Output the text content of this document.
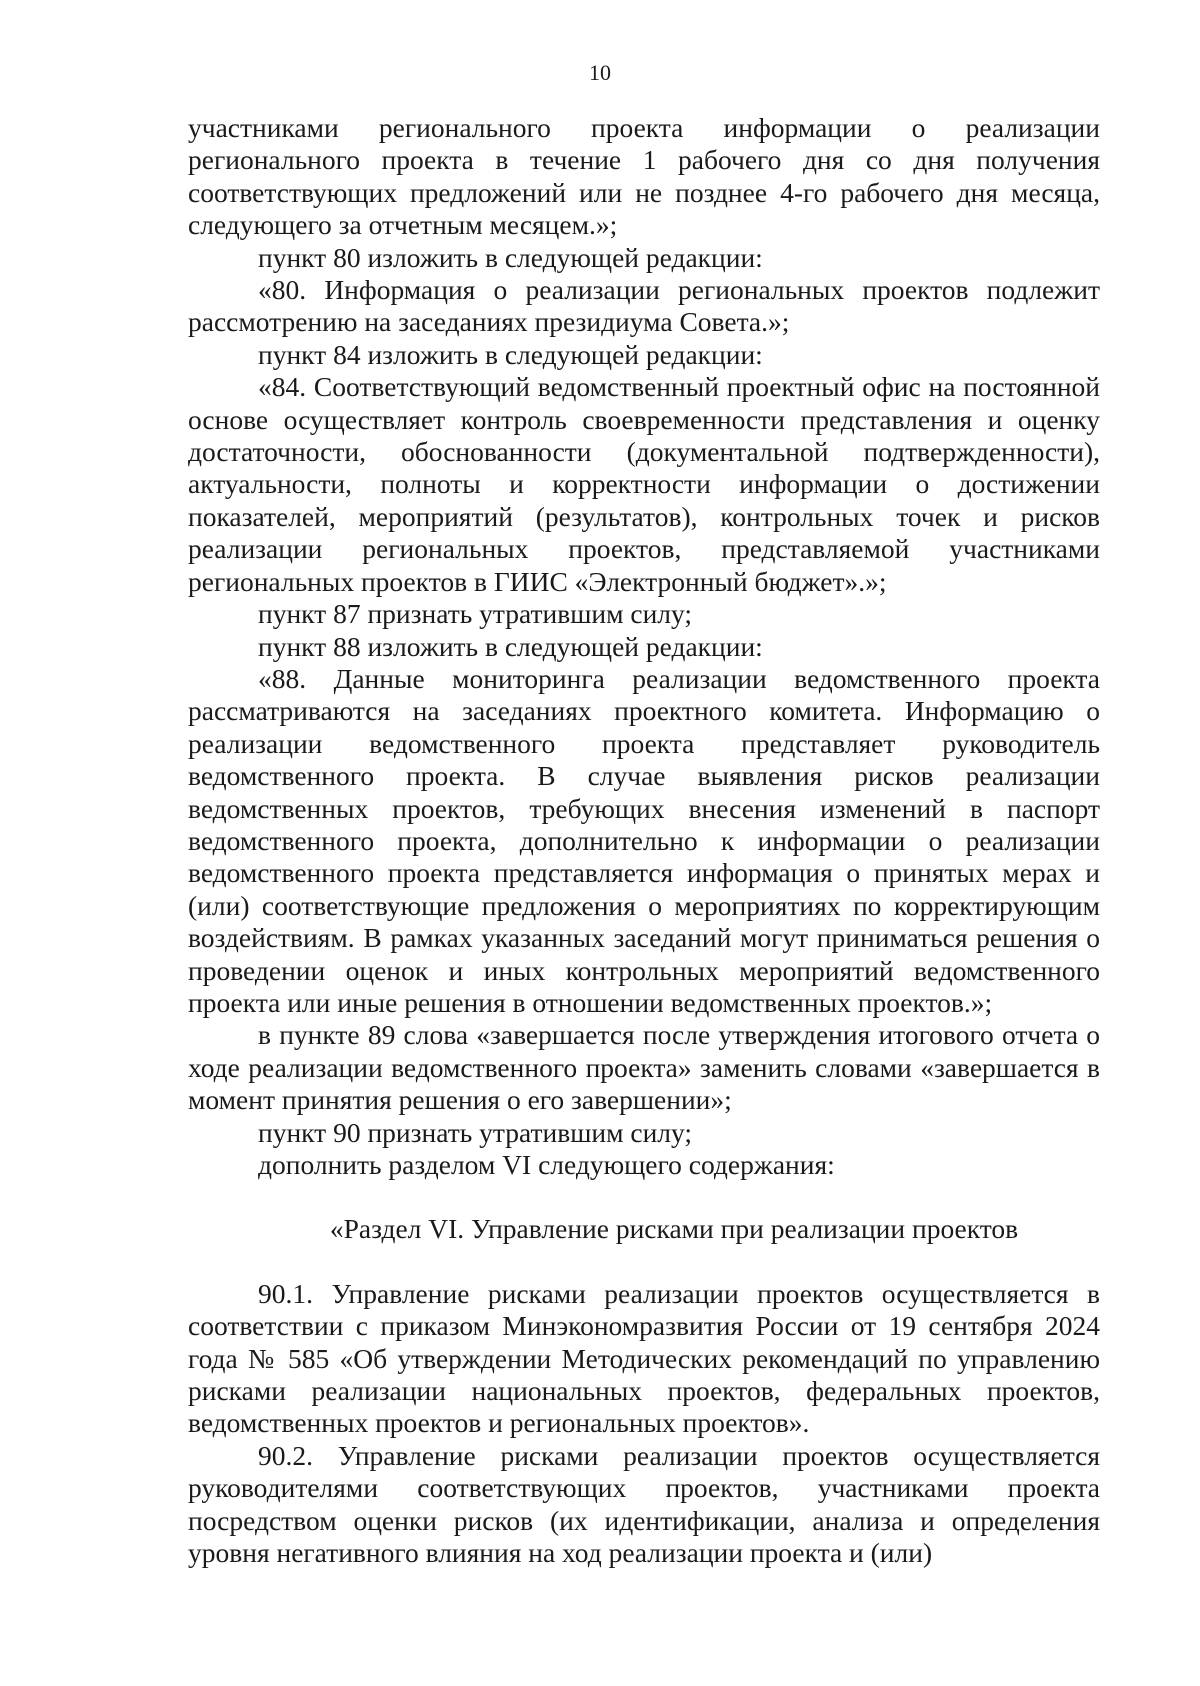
10

участниками регионального проекта информации о реализации регионального проекта в течение 1 рабочего дня со дня получения соответствующих предложений или не позднее 4-го рабочего дня месяца, следующего за отчетным месяцем.»;

пункт 80 изложить в следующей редакции:

«80. Информация о реализации региональных проектов подлежит рассмотрению на заседаниях президиума Совета.»;

пункт 84 изложить в следующей редакции:

«84. Соответствующий ведомственный проектный офис на постоянной основе осуществляет контроль своевременности представления и оценку достаточности, обоснованности (документальной подтвержденности), актуальности, полноты и корректности информации о достижении показателей, мероприятий (результатов), контрольных точек и рисков реализации региональных проектов, представляемой участниками региональных проектов в ГИИС «Электронный бюджет».»;

пункт 87 признать утратившим силу;

пункт 88 изложить в следующей редакции:

«88. Данные мониторинга реализации ведомственного проекта рассматриваются на заседаниях проектного комитета. Информацию о реализации ведомственного проекта представляет руководитель ведомственного проекта. В случае выявления рисков реализации ведомственных проектов, требующих внесения изменений в паспорт ведомственного проекта, дополнительно к информации о реализации ведомственного проекта представляется информация о принятых мерах и (или) соответствующие предложения о мероприятиях по корректирующим воздействиям. В рамках указанных заседаний могут приниматься решения о проведении оценок и иных контрольных мероприятий ведомственного проекта или иные решения в отношении ведомственных проектов.»;

в пункте 89 слова «завершается после утверждения итогового отчета о ходе реализации ведомственного проекта» заменить словами «завершается в момент принятия решения о его завершении»;

пункт 90 признать утратившим силу;

дополнить разделом VI следующего содержания:

«Раздел VI. Управление рисками при реализации проектов

90.1. Управление рисками реализации проектов осуществляется в соответствии с приказом Минэкономразвития России от 19 сентября 2024 года № 585 «Об утверждении Методических рекомендаций по управлению рисками реализации национальных проектов, федеральных проектов, ведомственных проектов и региональных проектов».

90.2. Управление рисками реализации проектов осуществляется руководителями соответствующих проектов, участниками проекта посредством оценки рисков (их идентификации, анализа и определения уровня негативного влияния на ход реализации проекта и (или)
